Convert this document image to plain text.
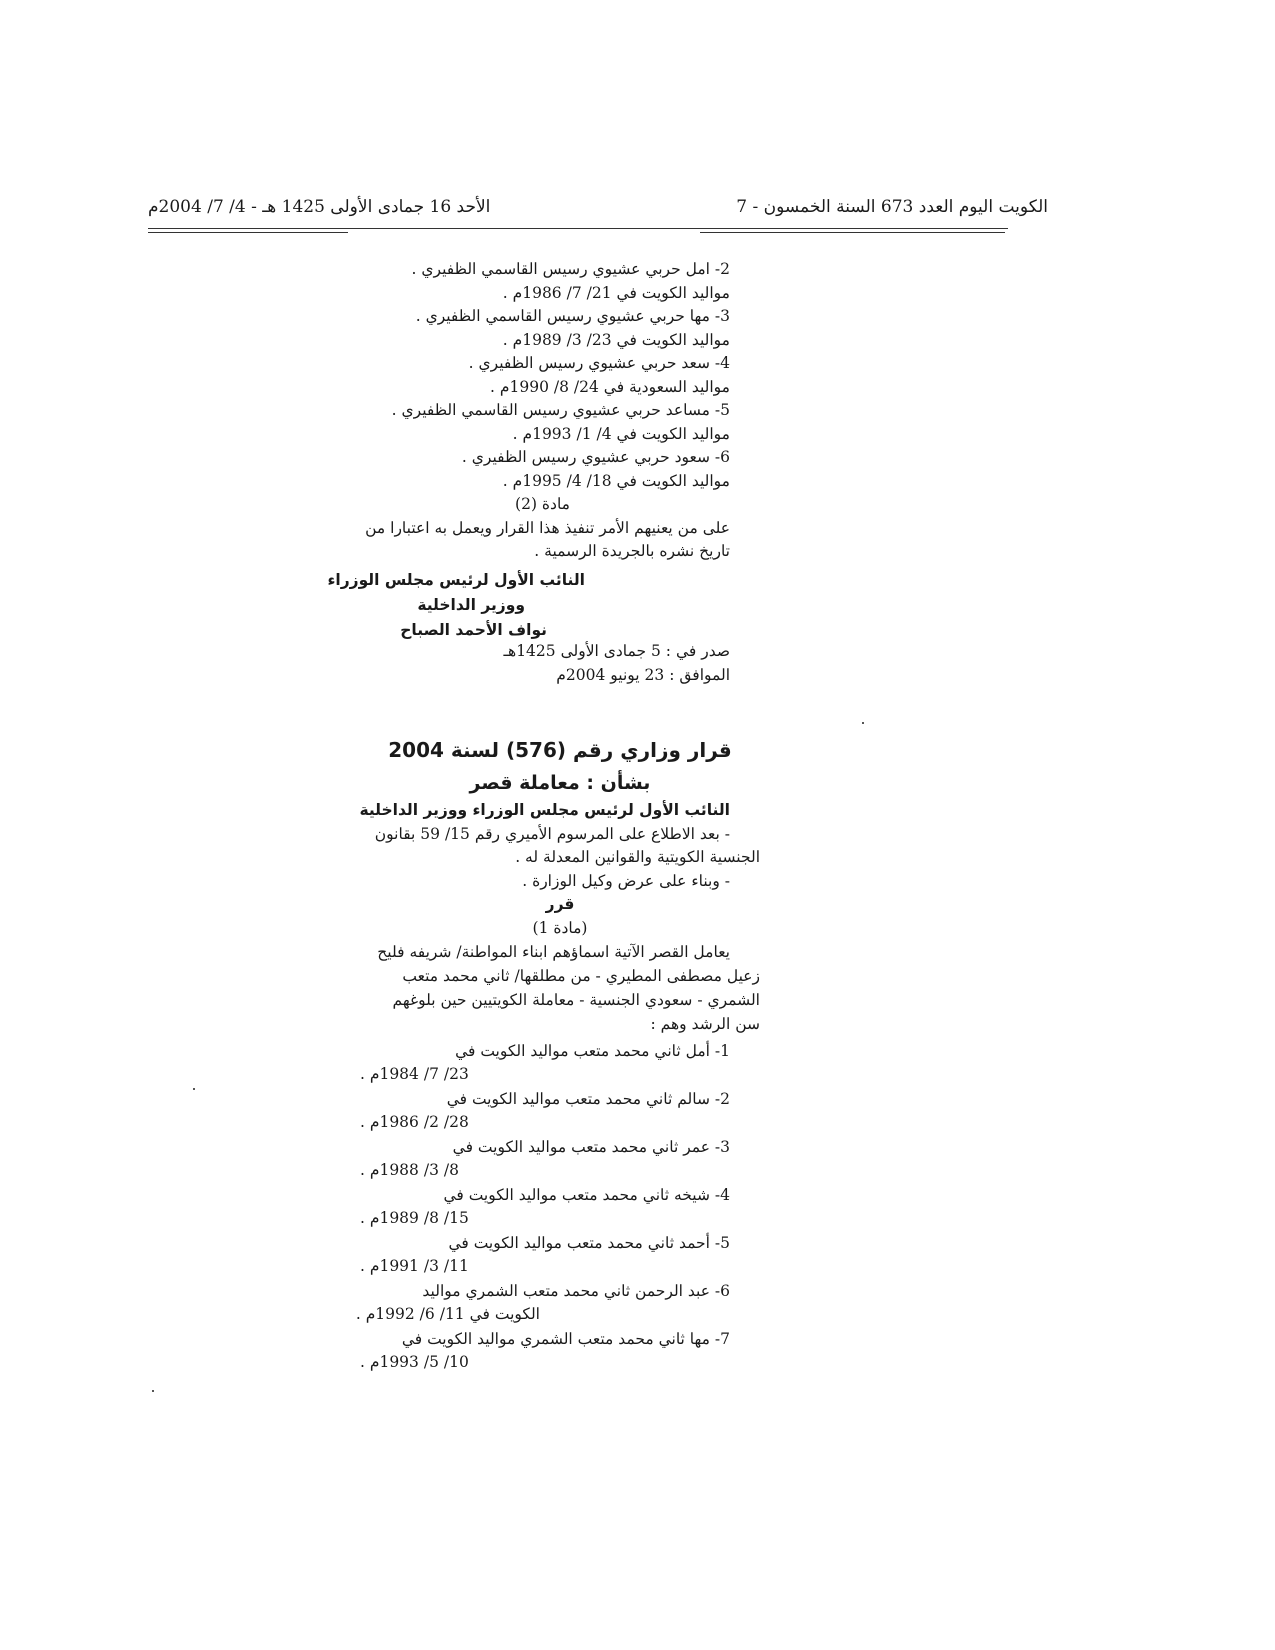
الكويت اليوم العدد 673 السنة الخمسون - 7
الأحد 16 جمادى الأولى 1425 هـ - 4/ 7/ 2004م

2- امل حربي عشيوي رسيس القاسمي الظفيري .

مواليد الكويت في 21/ 7/ 1986م .

3- مها حربي عشيوي رسيس القاسمي الظفيري .

مواليد الكويت في 23/ 3/ 1989م .

4- سعد حربي عشيوي رسيس الظفيري .

مواليد السعودية في 24/ 8/ 1990م .

5- مساعد حربي عشيوي رسيس القاسمي الظفيري .

مواليد الكويت في 4/ 1/ 1993م .

6- سعود حربي عشيوي رسيس الظفيري .

مواليد الكويت في 18/ 4/ 1995م .

مادة (2)

على من يعنيهم الأمر تنفيذ هذا القرار ويعمل به اعتبارا من

تاريخ نشره بالجريدة الرسمية .

النائب الأول لرئيس مجلس الوزراء

ووزير الداخلية

نواف الأحمد الصباح

صدر في : 5 جمادى الأولى 1425هـ

الموافق : 23 يونيو 2004م

قرار وزاري رقم (576) لسنة 2004

بشأن : معاملة قصر

النائب الأول لرئيس مجلس الوزراء ووزير الداخلية

- بعد الاطلاع على المرسوم الأميري رقم 15/ 59 بقانون

الجنسية الكويتية والقوانين المعدلة له .

- وبناء على عرض وكيل الوزارة .

قرر

(مادة 1)

يعامل القصر الآتية اسماؤهم ابناء المواطنة/ شريفه فليح

زعيل مصطفى المطيري - من مطلقها/ ثاني محمد متعب

الشمري - سعودي الجنسية - معاملة الكويتيين حين بلوغهم

سن الرشد وهم :

1- أمل ثاني محمد متعب مواليد الكويت في

23/ 7/ 1984م .

2- سالم ثاني محمد متعب مواليد الكويت في

28/ 2/ 1986م .

3- عمر ثاني محمد متعب مواليد الكويت في

8/ 3/ 1988م .

4- شيخه ثاني محمد متعب مواليد الكويت في

15/ 8/ 1989م .

5- أحمد ثاني محمد متعب مواليد الكويت في

11/ 3/ 1991م .

6- عبد الرحمن ثاني محمد متعب الشمري مواليد

الكويت في 11/ 6/ 1992م .

7- مها ثاني محمد متعب الشمري مواليد الكويت في

10/ 5/ 1993م .
